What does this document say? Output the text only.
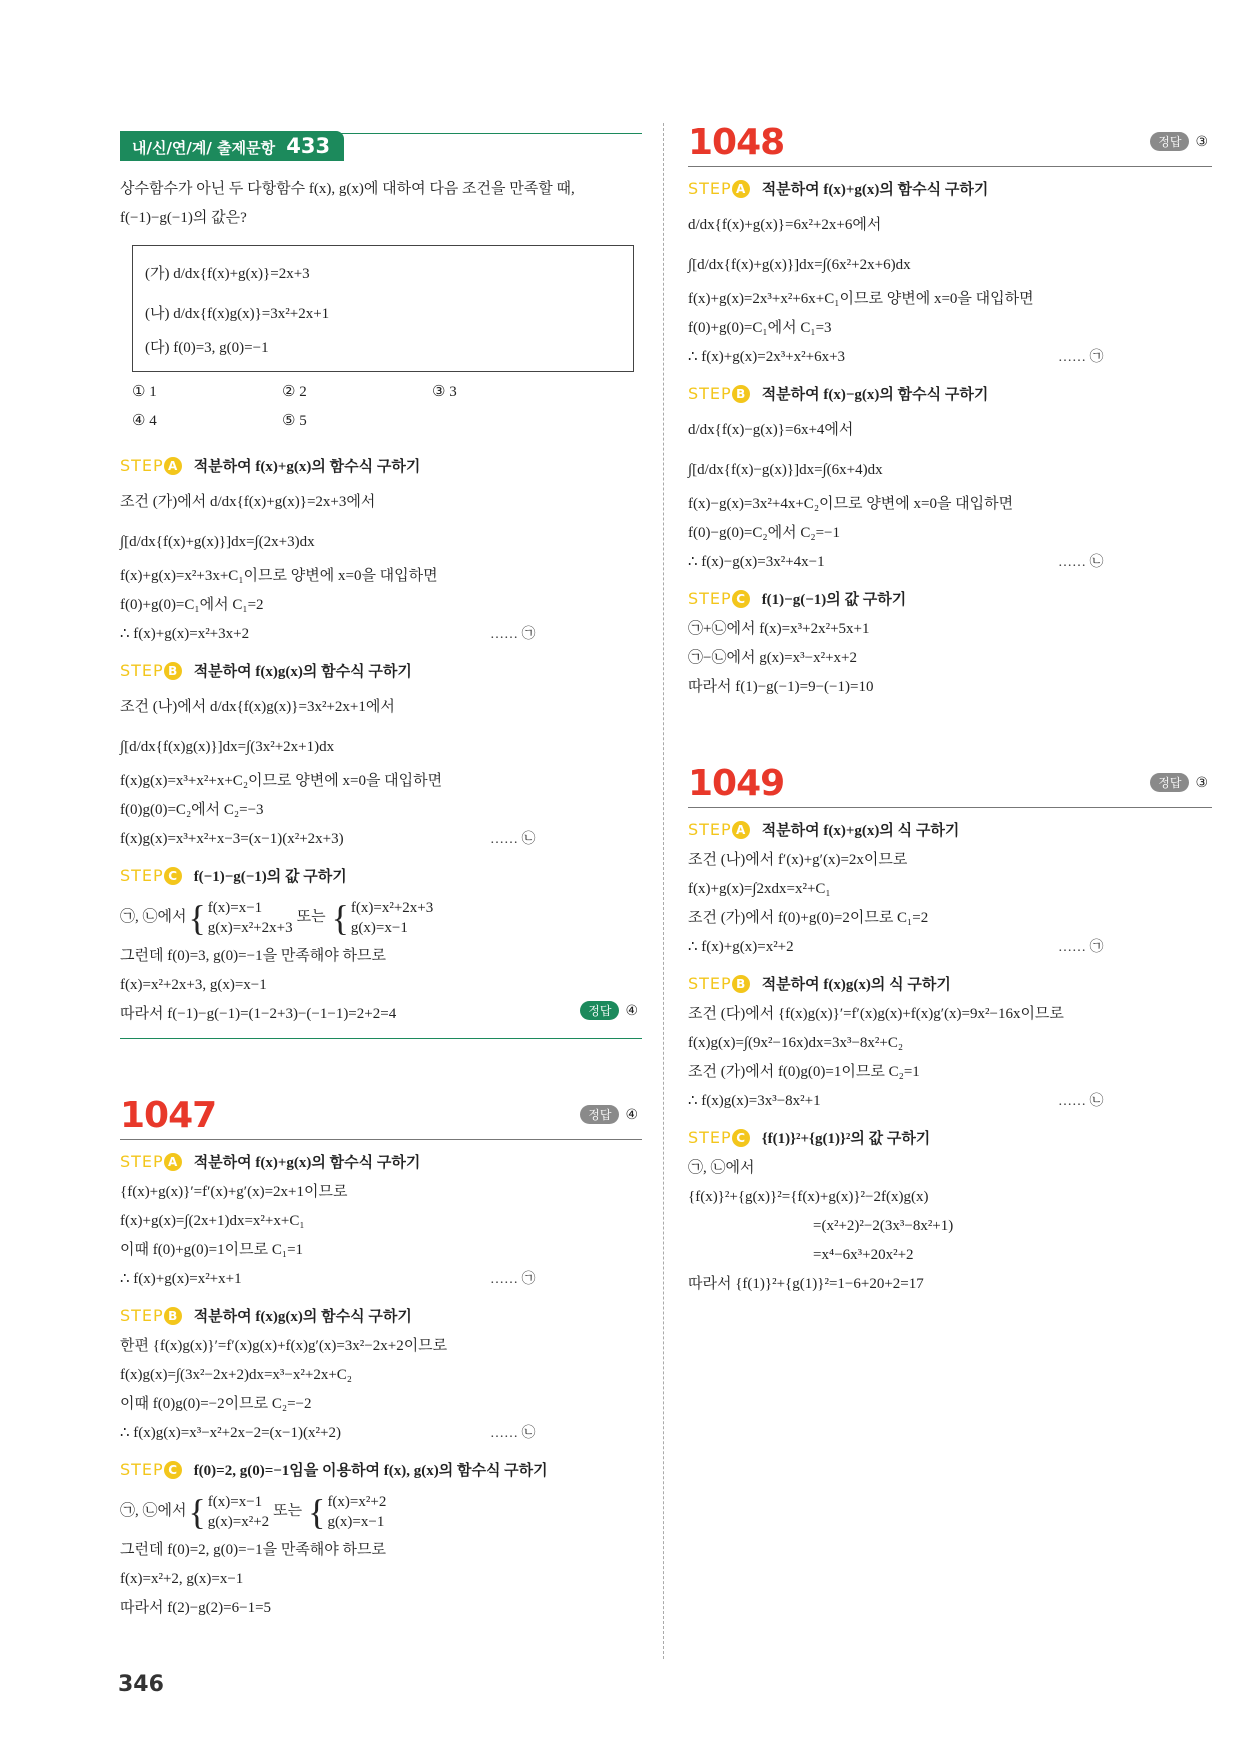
내/신/연/계/ 출제문항 433
상수함수가 아닌 두 다항함수 f(x), g(x)에 대하여 다음 조건을 만족할 때,
f(−1)−g(−1)의 값은?
(가) d/dx{f(x)+g(x)}=2x+3
(나) d/dx{f(x)g(x)}=3x²+2x+1
(다) f(0)=3, g(0)=−1
① 1	② 2	③ 3
④ 4	⑤ 5
STEP A 적분하여 f(x)+g(x)의 함수식 구하기
조건 (가)에서 d/dx{f(x)+g(x)}=2x+3에서
∫[d/dx{f(x)+g(x)}]dx=∫(2x+3)dx
f(x)+g(x)=x²+3x+C₁이므로 양변에 x=0을 대입하면
f(0)+g(0)=C₁에서 C₁=2
∴ f(x)+g(x)=x²+3x+2	…… ㉠
STEP B 적분하여 f(x)g(x)의 함수식 구하기
조건 (나)에서 d/dx{f(x)g(x)}=3x²+2x+1에서
∫[d/dx{f(x)g(x)}]dx=∫(3x²+2x+1)dx
f(x)g(x)=x³+x²+x+C₂이므로 양변에 x=0을 대입하면
f(0)g(0)=C₂에서 C₂=−3
f(x)g(x)=x³+x²+x−3=(x−1)(x²+2x+3)	…… ㉡
STEP C f(−1)−g(−1)의 값 구하기
㉠, ㉡에서 { f(x)=x−1
g(x)=x²+2x+3
또는 { f(x)=x²+2x+3
g(x)=x−1
그런데 f(0)=3, g(0)=−1을 만족해야 하므로
f(x)=x²+2x+3, g(x)=x−1
따라서 f(−1)−g(−1)=(1−2+3)−(−1−1)=2+2=4	정답 ④
1047	정답 ④
STEP A 적분하여 f(x)+g(x)의 함수식 구하기
{f(x)+g(x)}′=f′(x)+g′(x)=2x+1이므로
f(x)+g(x)=∫(2x+1)dx=x²+x+C₁
이때 f(0)+g(0)=1이므로 C₁=1
∴ f(x)+g(x)=x²+x+1	…… ㉠
STEP B 적분하여 f(x)g(x)의 함수식 구하기
한편 {f(x)g(x)}′=f′(x)g(x)+f(x)g′(x)=3x²−2x+2이므로
f(x)g(x)=∫(3x²−2x+2)dx=x³−x²+2x+C₂
이때 f(0)g(0)=−2이므로 C₂=−2
∴ f(x)g(x)=x³−x²+2x−2=(x−1)(x²+2)	…… ㉡
STEP C f(0)=2, g(0)=−1임을 이용하여 f(x), g(x)의 함수식 구하기
㉠, ㉡에서 { f(x)=x−1
g(x)=x²+2
또는 { f(x)=x²+2
g(x)=x−1
그런데 f(0)=2, g(0)=−1을 만족해야 하므로
f(x)=x²+2, g(x)=x−1
따라서 f(2)−g(2)=6−1=5
1048	정답 ③
STEP A 적분하여 f(x)+g(x)의 함수식 구하기
d/dx{f(x)+g(x)}=6x²+2x+6에서
∫[d/dx{f(x)+g(x)}]dx=∫(6x²+2x+6)dx
f(x)+g(x)=2x³+x²+6x+C₁이므로 양변에 x=0을 대입하면
f(0)+g(0)=C₁에서 C₁=3
∴ f(x)+g(x)=2x³+x²+6x+3	…… ㉠
STEP B 적분하여 f(x)−g(x)의 함수식 구하기
d/dx{f(x)−g(x)}=6x+4에서
∫[d/dx{f(x)−g(x)}]dx=∫(6x+4)dx
f(x)−g(x)=3x²+4x+C₂이므로 양변에 x=0을 대입하면
f(0)−g(0)=C₂에서 C₂=−1
∴ f(x)−g(x)=3x²+4x−1	…… ㉡
STEP C f(1)−g(−1)의 값 구하기
㉠+㉡에서 f(x)=x³+2x²+5x+1
㉠−㉡에서 g(x)=x³−x²+x+2
따라서 f(1)−g(−1)=9−(−1)=10
1049	정답 ③
STEP A 적분하여 f(x)+g(x)의 식 구하기
조건 (나)에서 f′(x)+g′(x)=2x이므로
f(x)+g(x)=∫2xdx=x²+C₁
조건 (가)에서 f(0)+g(0)=2이므로 C₁=2
∴ f(x)+g(x)=x²+2	…… ㉠
STEP B 적분하여 f(x)g(x)의 식 구하기
조건 (다)에서 {f(x)g(x)}′=f′(x)g(x)+f(x)g′(x)=9x²−16x이므로
f(x)g(x)=∫(9x²−16x)dx=3x³−8x²+C₂
조건 (가)에서 f(0)g(0)=1이므로 C₂=1
∴ f(x)g(x)=3x³−8x²+1	…… ㉡
STEP C {f(1)}²+{g(1)}²의 값 구하기
㉠, ㉡에서
{f(x)}²+{g(x)}²={f(x)+g(x)}²−2f(x)g(x)
=(x²+2)²−2(3x³−8x²+1)
=x⁴−6x³+20x²+2
따라서 {f(1)}²+{g(1)}²=1−6+20+2=17
346
